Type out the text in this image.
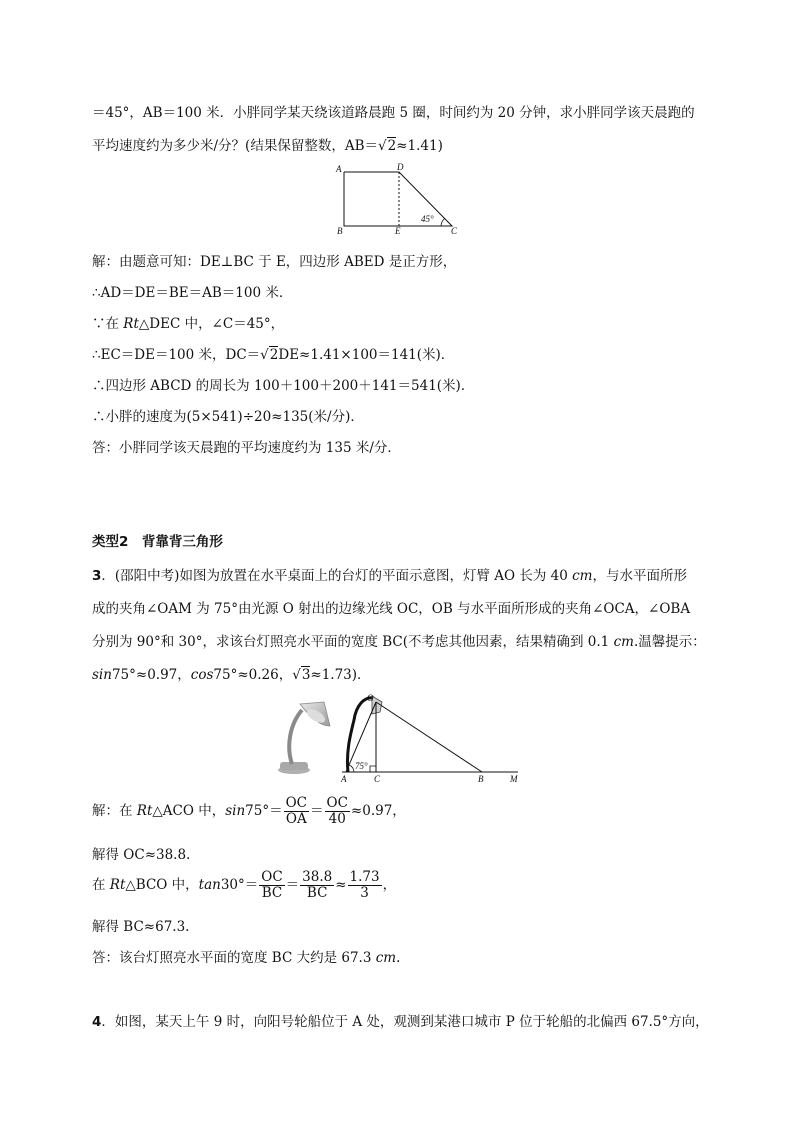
＝45°，AB＝100 米．小胖同学某天绕该道路晨跑 5 圈，时间约为 20 分钟，求小胖同学该天晨跑的
平均速度约为多少米/分？(结果保留整数，AB＝√2≈1.41)
A	D
B	E	C
45°
解：由题意可知：DE⊥BC 于 E，四边形 ABED 是正方形，
∴AD＝DE＝BE＝AB＝100 米．
∵在 Rt△DEC 中，∠C＝45°，
∴EC＝DE＝100 米，DC＝√2DE≈1.41×100＝141(米)．
∴四边形 ABCD 的周长为 100＋100＋200＋141＝541(米)．
∴小胖的速度为(5×541)÷20≈135(米/分)．
答：小胖同学该天晨跑的平均速度约为 135 米/分．
类型2　背靠背三角形
3．(邵阳中考)如图为放置在水平桌面上的台灯的平面示意图，灯臂 AO 长为 40 cm，与水平面所形
成的夹角∠OAM 为 75°由光源 O 射出的边缘光线 OC，OB 与水平面所形成的夹角∠OCA，∠OBA
分别为 90°和 30°，求该台灯照亮水平面的宽度 BC(不考虑其他因素，结果精确到 0.1 cm.温馨提示：
sin75°≈0.97，cos75°≈0.26，√3≈1.73)．
O
A	C	B	M
75°
解：在 Rt△ACO 中，$\sin 75^\circ= \frac{OC}{OA} = \frac{OC}{40} \approx 0.97$，
解得 OC≈38.8.
在 Rt△BCO 中，$\tan 30^\circ= \frac{OC}{BC} = \frac{38.8}{BC} \approx \frac{1.73}{3}$ ，
解得 BC≈67.3.
答：该台灯照亮水平面的宽度 BC 大约是 67.3 cm.
4．如图，某天上午 9 时，向阳号轮船位于 A 处，观测到某港口城市 P 位于轮船的北偏西 67.5°方向，
